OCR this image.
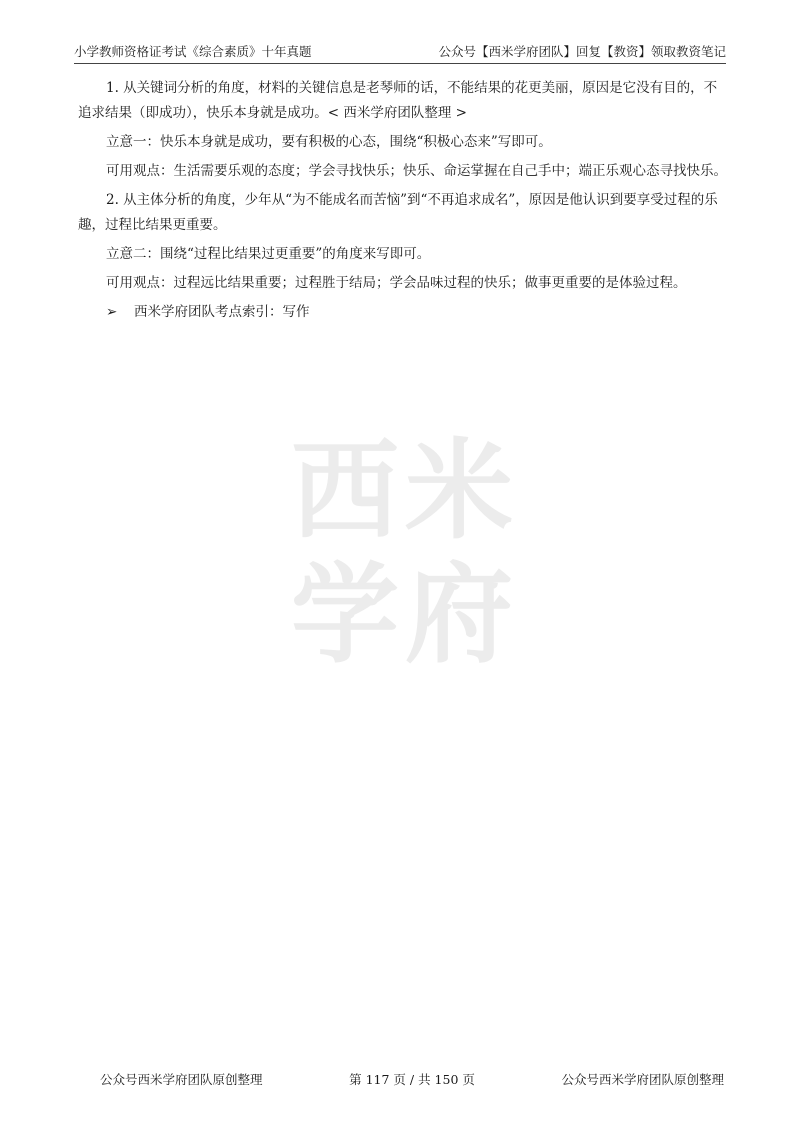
小学教师资格证考试《综合素质》十年真题	公众号【西米学府团队】回复【教资】领取教资笔记
西米
学府

1. 从关键词分析的角度，材料的关键信息是老琴师的话，不能结果的花更美丽，原因是它没有目的，不追求结果（即成功），快乐本身就是成功。< 西米学府团队整理 >

立意一：快乐本身就是成功，要有积极的心态，围绕“积极心态来”写即可。

可用观点：生活需要乐观的态度；学会寻找快乐；快乐、命运掌握在自己手中；端正乐观心态寻找快乐。

2. 从主体分析的角度，少年从“为不能成名而苦恼”到“不再追求成名”，原因是他认识到要享受过程的乐趣，过程比结果更重要。

立意二：围绕“过程比结果过更重要”的角度来写即可。

可用观点：过程远比结果重要；过程胜于结局；学会品味过程的快乐；做事更重要的是体验过程。

➢ 西米学府团队考点索引：写作

公众号西米学府团队原创整理	第 117 页 / 共 150 页	公众号西米学府团队原创整理
